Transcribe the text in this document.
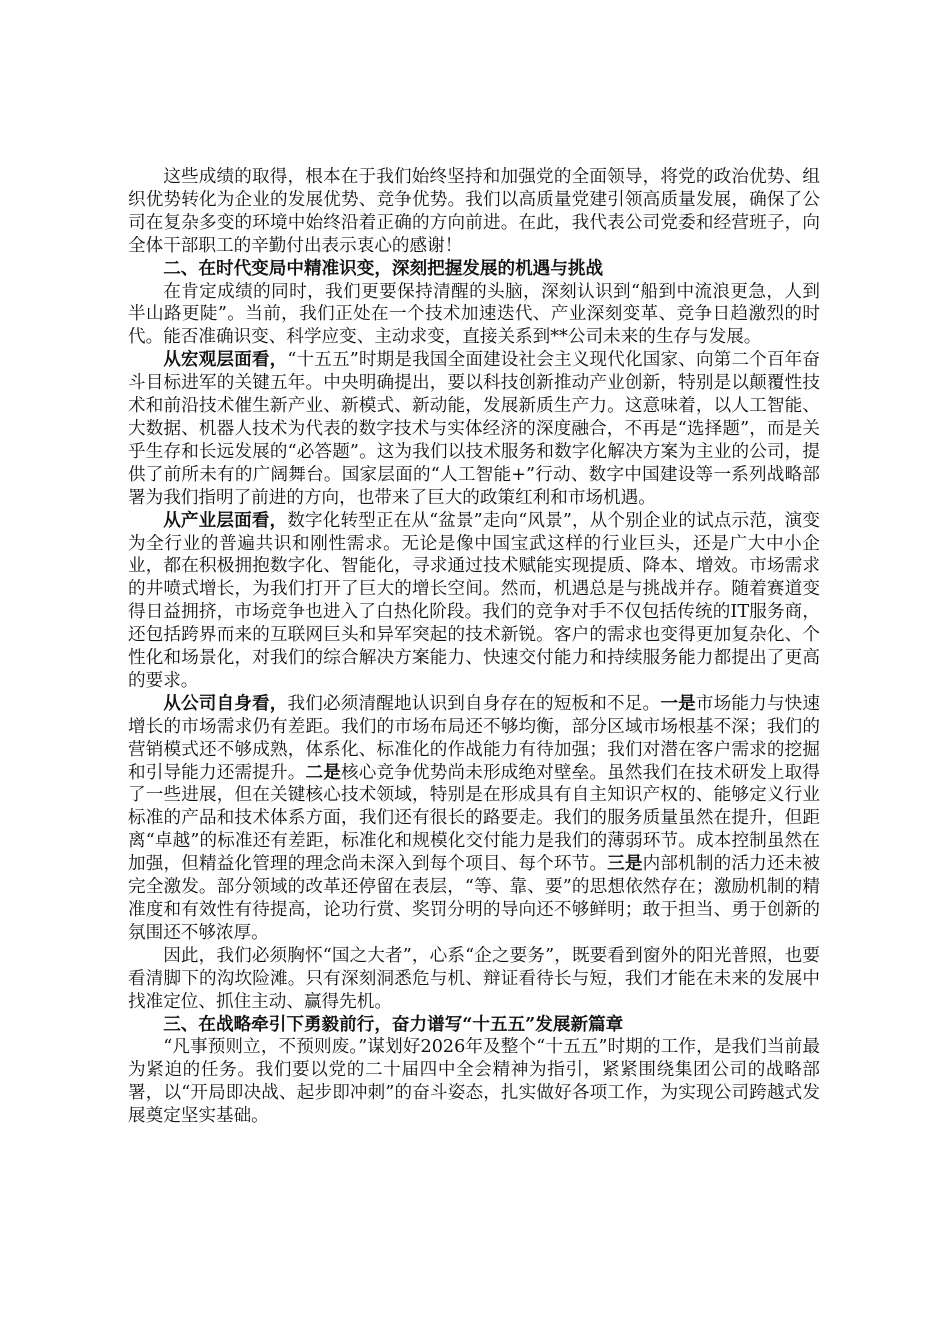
这些成绩的取得，根本在于我们始终坚持和加强党的全面领导，将党的政治优势、组织优势转化为企业的发展优势、竞争优势。我们以高质量党建引领高质量发展，确保了公司在复杂多变的环境中始终沿着正确的方向前进。在此，我代表公司党委和经营班子，向全体干部职工的辛勤付出表示衷心的感谢！

二、在时代变局中精准识变，深刻把握发展的机遇与挑战

在肯定成绩的同时，我们更要保持清醒的头脑，深刻认识到“船到中流浪更急，人到半山路更陡”。当前，我们正处在一个技术加速迭代、产业深刻变革、竞争日趋激烈的时代。能否准确识变、科学应变、主动求变，直接关系到**公司未来的生存与发展。

从宏观层面看，“十五五”时期是我国全面建设社会主义现代化国家、向第二个百年奋斗目标进军的关键五年。中央明确提出，要以科技创新推动产业创新，特别是以颠覆性技术和前沿技术催生新产业、新模式、新动能，发展新质生产力。这意味着，以人工智能、大数据、机器人技术为代表的数字技术与实体经济的深度融合，不再是“选择题”，而是关乎生存和长远发展的“必答题”。这为我们以技术服务和数字化解决方案为主业的公司，提供了前所未有的广阔舞台。国家层面的“人工智能+”行动、数字中国建设等一系列战略部署为我们指明了前进的方向，也带来了巨大的政策红利和市场机遇。

从产业层面看，数字化转型正在从“盆景”走向“风景”，从个别企业的试点示范，演变为全行业的普遍共识和刚性需求。无论是像中国宝武这样的行业巨头，还是广大中小企业，都在积极拥抱数字化、智能化，寻求通过技术赋能实现提质、降本、增效。市场需求的井喷式增长，为我们打开了巨大的增长空间。然而，机遇总是与挑战并存。随着赛道变得日益拥挤，市场竞争也进入了白热化阶段。我们的竞争对手不仅包括传统的IT服务商，还包括跨界而来的互联网巨头和异军突起的技术新锐。客户的需求也变得更加复杂化、个性化和场景化，对我们的综合解决方案能力、快速交付能力和持续服务能力都提出了更高的要求。

从公司自身看，我们必须清醒地认识到自身存在的短板和不足。一是市场能力与快速增长的市场需求仍有差距。我们的市场布局还不够均衡，部分区域市场根基不深；我们的营销模式还不够成熟，体系化、标准化的作战能力有待加强；我们对潜在客户需求的挖掘和引导能力还需提升。二是核心竞争优势尚未形成绝对壁垒。虽然我们在技术研发上取得了一些进展，但在关键核心技术领域，特别是在形成具有自主知识产权的、能够定义行业标准的产品和技术体系方面，我们还有很长的路要走。我们的服务质量虽然在提升，但距离“卓越”的标准还有差距，标准化和规模化交付能力是我们的薄弱环节。成本控制虽然在加强，但精益化管理的理念尚未深入到每个项目、每个环节。三是内部机制的活力还未被完全激发。部分领域的改革还停留在表层，“等、靠、要”的思想依然存在；激励机制的精准度和有效性有待提高，论功行赏、奖罚分明的导向还不够鲜明；敢于担当、勇于创新的氛围还不够浓厚。

因此，我们必须胸怀“国之大者”，心系“企之要务”，既要看到窗外的阳光普照，也要看清脚下的沟坎险滩。只有深刻洞悉危与机、辩证看待长与短，我们才能在未来的发展中找准定位、抓住主动、赢得先机。

三、在战略牵引下勇毅前行，奋力谱写“十五五”发展新篇章

“凡事预则立，不预则废。”谋划好2026年及整个“十五五”时期的工作，是我们当前最为紧迫的任务。我们要以党的二十届四中全会精神为指引，紧紧围绕集团公司的战略部署，以“开局即决战、起步即冲刺”的奋斗姿态，扎实做好各项工作，为实现公司跨越式发展奠定坚实基础。
